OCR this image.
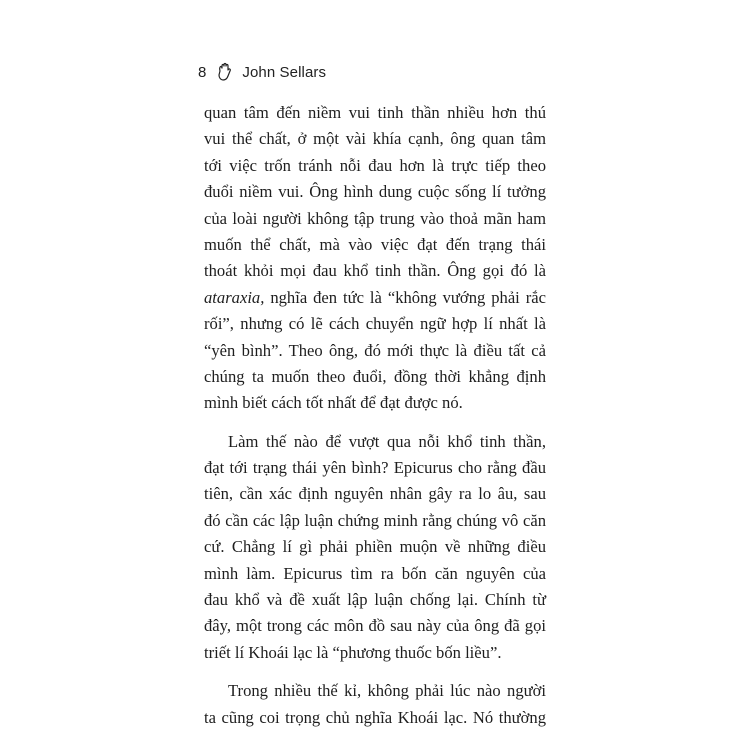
8 John Sellars
quan tâm đến niềm vui tinh thần nhiều hơn thú
vui thể chất, ở một vài khía cạnh, ông quan tâm
tới việc trốn tránh nỗi đau hơn là trực tiếp theo
đuổi niềm vui. Ông hình dung cuộc sống lí tưởng
của loài người không tập trung vào thoả mãn ham
muốn thể chất, mà vào việc đạt đến trạng thái
thoát khỏi mọi đau khổ tinh thần. Ông gọi đó là
ataraxia, nghĩa đen tức là “không vướng phải rắc
rối”, nhưng có lẽ cách chuyển ngữ hợp lí nhất là
“yên bình”. Theo ông, đó mới thực là điều tất cả
chúng ta muốn theo đuổi, đồng thời khẳng định
mình biết cách tốt nhất để đạt được nó.
Làm thế nào để vượt qua nỗi khổ tinh thần,
đạt tới trạng thái yên bình? Epicurus cho rằng đầu
tiên, cần xác định nguyên nhân gây ra lo âu, sau
đó cần các lập luận chứng minh rằng chúng vô căn
cứ. Chẳng lí gì phải phiền muộn về những điều
mình làm. Epicurus tìm ra bốn căn nguyên của
đau khổ và đề xuất lập luận chống lại. Chính từ
đây, một trong các môn đồ sau này của ông đã gọi
triết lí Khoái lạc là “phương thuốc bốn liều”.
Trong nhiều thế kỉ, không phải lúc nào người
ta cũng coi trọng chủ nghĩa Khoái lạc. Nó thường
